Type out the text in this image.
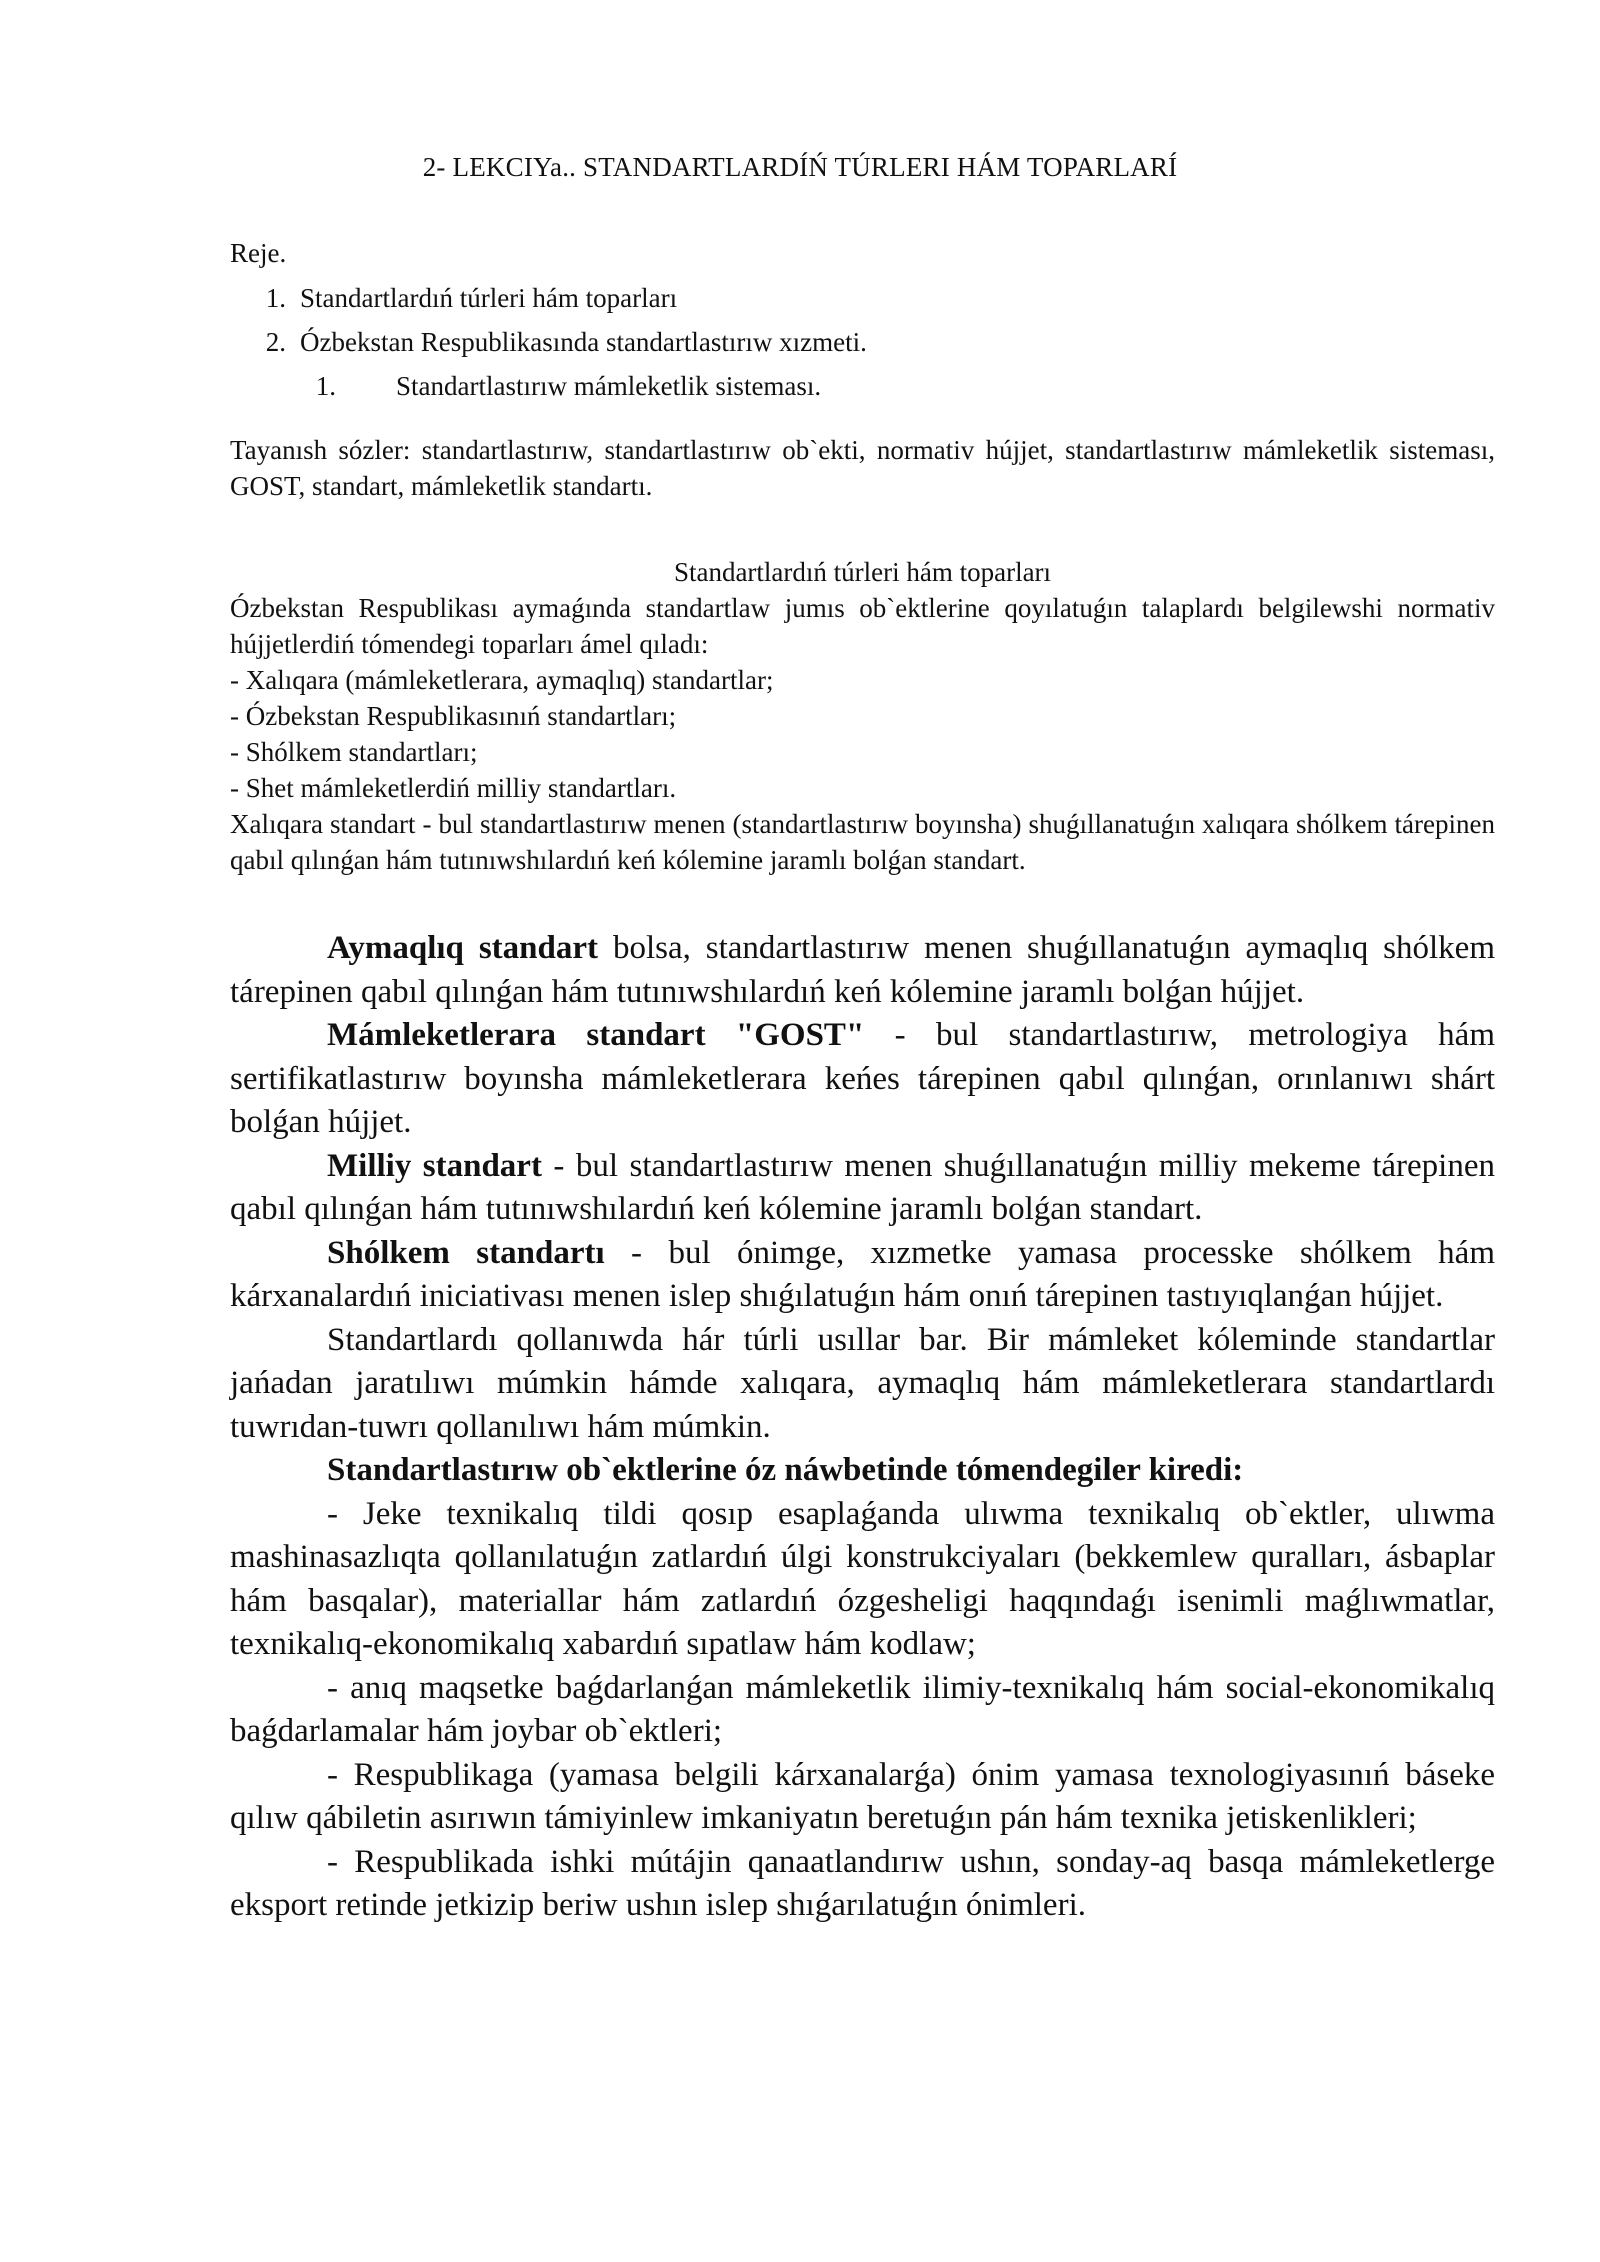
2- LEKCIYa.. STANDARTLARDÍŃ TÚRLERI HÁM TOPARLARÍ
Reje.
1. Standartlardıń túrleri hám toparları
2. Ózbekstan Respublikasında standartlastırıw xızmeti.
1.	Standartlastırıw mámleketlik sisteması.

Tayanısh sózler: standartlastırıw, standartlastırıw ob`ekti, normativ hújjet, standartlastırıw mámleketlik sisteması, GOST, standart, mámleketlik standartı.

Standartlardıń túrleri hám toparları

Ózbekstan Respublikası aymaǵında standartlaw jumıs ob`ektlerine qoyılatuǵın talaplardı belgilewshi normativ hújjetlerdiń tómendegi toparları ámel qıladı:

- Xalıqara (mámleketlerara, aymaqlıq) standartlar;

- Ózbekstan Respublikasınıń standartları;

- Shólkem standartları;

- Shet mámleketlerdiń milliy standartları.

Xalıqara standart - bul standartlastırıw menen (standartlastırıw boyınsha) shuǵıllanatuǵın xalıqara shólkem tárepinen qabıl qılınǵan hám tutınıwshılardıń keń kólemine jaramlı bolǵan standart.

Aymaqlıq standart bolsa, standartlastırıw menen shuǵıllanatuǵın aymaqlıq shólkem tárepinen qabıl qılınǵan hám tutınıwshılardıń keń kólemine jaramlı bolǵan hújjet.

Mámleketlerara standart "GOST" - bul standartlastırıw, metrologiya hám sertifikatlastırıw boyınsha mámleketlerara keńes tárepinen qabıl qılınǵan, orınlanıwı shárt bolǵan hújjet.

Milliy standart - bul standartlastırıw menen shuǵıllanatuǵın milliy mekeme tárepinen qabıl qılınǵan hám tutınıwshılardıń keń kólemine jaramlı bolǵan standart.

Shólkem standartı - bul ónimge, xızmetke yamasa processke shólkem hám kárxanalardıń iniciativası menen islep shıǵılatuǵın hám onıń tárepinen tastıyıqlanǵan hújjet.

Standartlardı qollanıwda hár túrli usıllar bar. Bir mámleket kóleminde standartlar jańadan jaratılıwı múmkin hámde xalıqara, aymaqlıq hám mámleketlerara standartlardı tuwrıdan-tuwrı qollanılıwı hám múmkin.

Standartlastırıw ob`ektlerine óz náwbetinde tómendegiler kiredi:

- Jeke texnikalıq tildi qosıp esaplaǵanda ulıwma texnikalıq ob`ektler, ulıwma mashinasazlıqta qollanılatuǵın zatlardıń úlgi konstrukciyaları (bekkemlew quralları, ásbaplar hám basqalar), materiallar hám zatlardıń ózgesheligi haqqındaǵı isenimli maǵlıwmatlar, texnikalıq-ekonomikalıq xabardıń sıpatlaw hám kodlaw;

- anıq maqsetke baǵdarlanǵan mámleketlik ilimiy-texnikalıq hám social-ekonomikalıq baǵdarlamalar hám joybar ob`ektleri;

- Respublikaga (yamasa belgili kárxanalarǵa) ónim yamasa texnologiyasınıń báseke qılıw qábiletin asırıwın támiyinlew imkaniyatın beretuǵın pán hám texnika jetiskenlikleri;

- Respublikada ishki mútájin qanaatlandırıw ushın, sonday-aq basqa mámleketlerge eksport retinde jetkizip beriw ushın islep shıǵarılatuǵın ónimleri.
